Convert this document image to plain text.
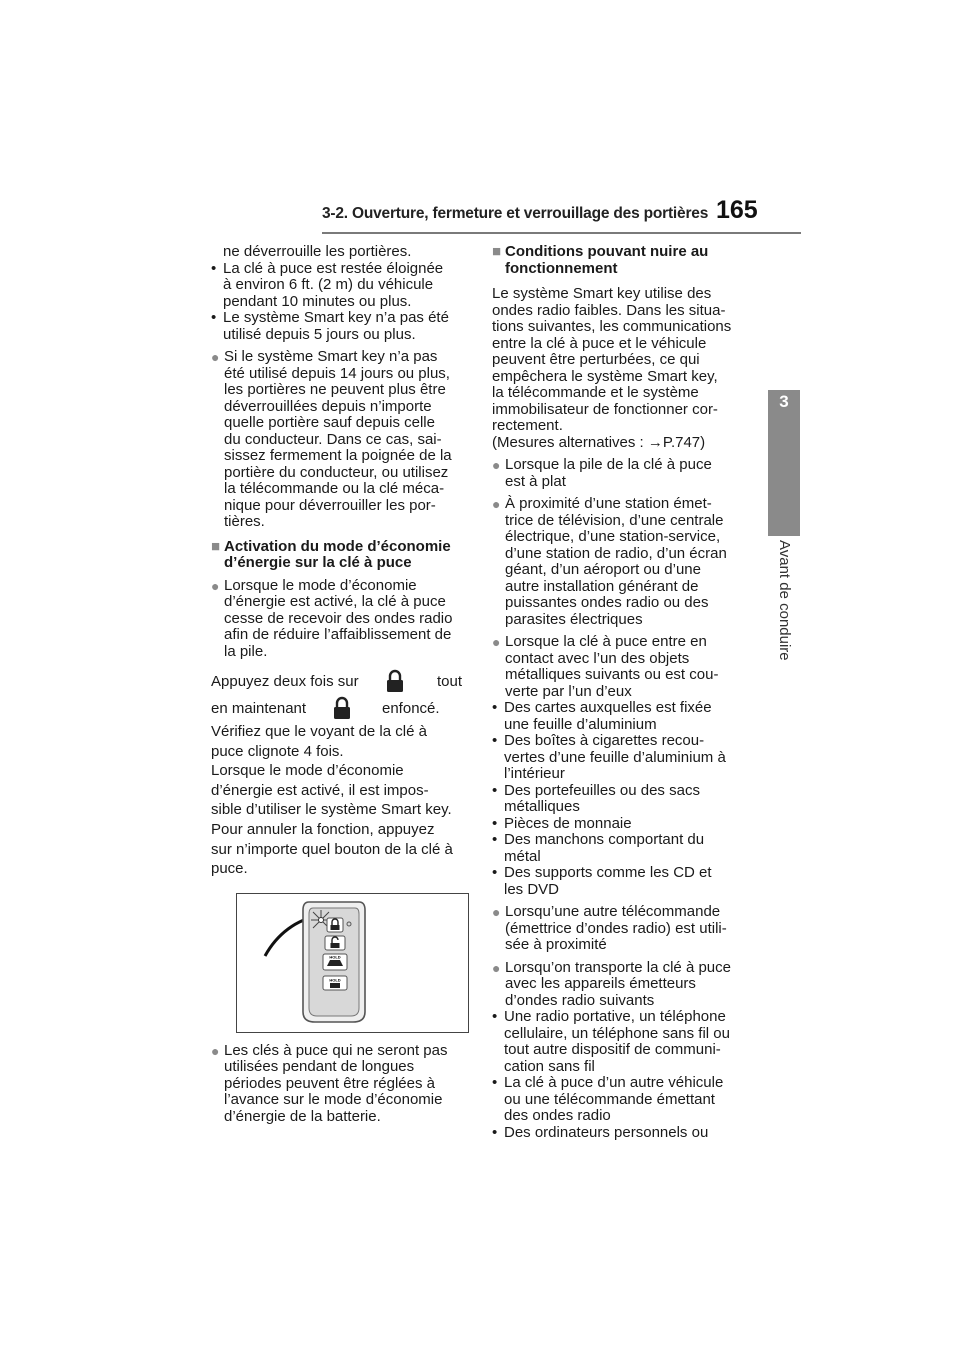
3-2. Ouverture, fermeture et verrouillage des portières 165
3
Avant de conduire

ne déverrouille les portières.

• La clé à puce est restée éloignée
à environ 6 ft. (2 m) du véhicule
pendant 10 minutes ou plus.
• Le système Smart key n’a pas été
utilisé depuis 5 jours ou plus.
● Si le système Smart key n’a pas
été utilisé depuis 14 jours ou plus,
les portières ne peuvent plus être
déverrouillées depuis n’importe
quelle portière sauf depuis celle
du conducteur. Dans ce cas, sai-
sissez fermement la poignée de la
portière du conducteur, ou utilisez
la télécommande ou la clé méca-
nique pour déverrouiller les por-
tières.
■ Activation du mode d’économie
d’énergie sur la clé à puce
● Lorsque le mode d’économie
d’énergie est activé, la clé à puce
cesse de recevoir des ondes radio
afin de réduire l’affaiblissement de
la pile.

Appuyez deux fois sur	tout

en maintenant	enfoncé.

Vérifiez que le voyant de la clé à
puce clignote 4 fois.
Lorsque le mode d’économie
d’énergie est activé, il est impos-
sible d’utiliser le système Smart key.
Pour annuler la fonction, appuyez
sur n’importe quel bouton de la clé à
puce.
HOLD
HOLD
● Les clés à puce qui ne seront pas
utilisées pendant de longues
périodes peuvent être réglées à
l’avance sur le mode d’économie
d’énergie de la batterie.
■ Conditions pouvant nuire au
fonctionnement
Le système Smart key utilise des
ondes radio faibles. Dans les situa-
tions suivantes, les communications
entre la clé à puce et le véhicule
peuvent être perturbées, ce qui
empêchera le système Smart key,
la télécommande et le système
immobilisateur de fonctionner cor-
rectement.
(Mesures alternatives : →P.747)
● Lorsque la pile de la clé à puce
est à plat
● À proximité d’une station émet-
trice de télévision, d’une centrale
électrique, d’une station-service,
d’une station de radio, d’un écran
géant, d’un aéroport ou d’une
autre installation générant de
puissantes ondes radio ou des
parasites électriques
● Lorsque la clé à puce entre en
contact avec l’un des objets
métalliques suivants ou est cou-
verte par l’un d’eux
• Des cartes auxquelles est fixée
une feuille d’aluminium
• Des boîtes à cigarettes recou-
vertes d’une feuille d’aluminium à
l’intérieur
• Des portefeuilles ou des sacs
métalliques
• Pièces de monnaie
• Des manchons comportant du
métal
• Des supports comme les CD et
les DVD
● Lorsqu’une autre télécommande
(émettrice d’ondes radio) est utili-
sée à proximité
● Lorsqu’on transporte la clé à puce
avec les appareils émetteurs
d’ondes radio suivants
• Une radio portative, un téléphone
cellulaire, un téléphone sans fil ou
tout autre dispositif de communi-
cation sans fil
• La clé à puce d’un autre véhicule
ou une télécommande émettant
des ondes radio
• Des ordinateurs personnels ou
